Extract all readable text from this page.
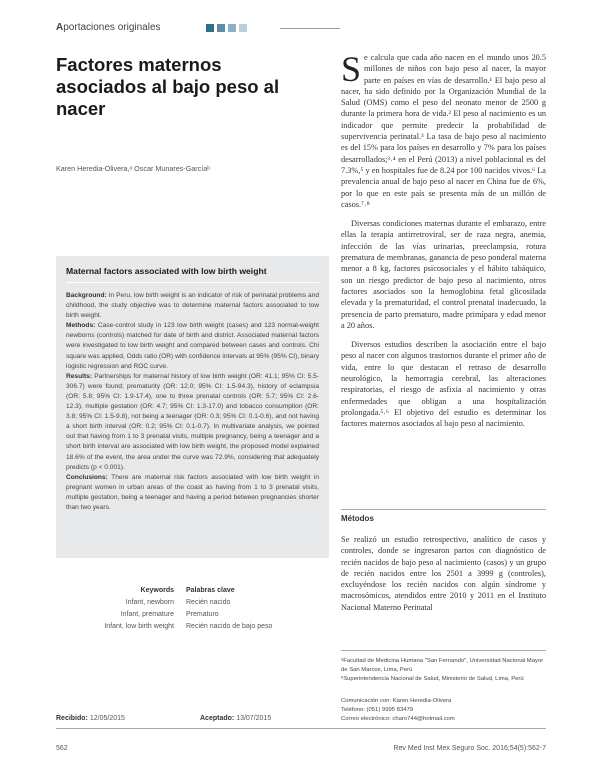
Aportaciones originales
Factores maternos asociados al bajo peso al nacer
Karen Heredia-Olivera,ᵃ Oscar Munares-Garcíaᵇ
Maternal factors associated with low birth weight

Background: In Peru, low birth weight is an indicator of risk of perinatal problems and childhood, the study objective was to determine maternal factors associated to low birth weight.

Methods: Case-control study in 123 low birth weight (cases) and 123 normal-weight newborns (controls) matched for date of birth and district. Associated maternal factors were investigated to low birth weight and compared between cases and controls. Chi square was applied, Odds ratio (OR) with confidence intervals at 95% (95% CI), binary logistic regression and ROC curve.

Results: Partnerships for maternal history of low birth weight (OR: 41.1; 95% CI: 5.5-306.7) were found; prematurity (OR: 12.0; 95% CI: 1.5-94.3), history of eclampsia (OR: 5.8; 95% CI: 1.9-17.4), one to three prenatal controls (OR: 5.7; 95% CI: 2.6-12.3), multiple gestation (OR: 4.7; 95% CI: 1.3-17.0) and tobacco consumption (OR: 3.8; 95% CI: 1.5-9.8), not being a teenager (OR: 0.3; 95% CI: 0.1-0.6), and not having a short birth interval (OR: 0.2; 95% CI: 0.1-0.7). In multivariate analysis, we pointed out that having from 1 to 3 prenatal visits, multiple pregnancy, being a teenager and a short birth interval are associated with low birth weight, the proposed model explained 18.6% of the event, the area under the curve was 72.9%, considering that adequately predicts (p < 0.001).

Conclusions: There are maternal risk factors associated with low birth weight in pregnant women in urban areas of the coast as having from 1 to 3 prenatal visits, multiple gestation, being a teenager and having a period between pregnancies shorter than two years.

Keywords	Palabras clave
Infant, newborn	Recién nacido
Infant, premature	Prematuro
Infant, low birth weight	Recién nacido de bajo peso
Recibido: 12/05/2015	Aceptado: 13/07/2015
562	Rev Med Inst Mex Seguro Soc. 2016;54(5):562-7

Se calcula que cada año nacen en el mundo unos 20.5 millones de niños con bajo peso al nacer, la mayor parte en países en vías de desarrollo.¹ El bajo peso al nacer, ha sido definido por la Organización Mundial de la Salud (OMS) como el peso del neonato menor de 2500 g durante la primera hora de vida.² El peso al nacimiento es un indicador que permite predecir la probabilidad de supervivencia perinatal.³ La tasa de bajo peso al nacimiento es del 15% para los países en desarrollo y 7% para los países desarrollados;³˒⁴ en el Perú (2013) a nivel poblacional es del 7.3%,⁵ y en hospitales fue de 8.24 por 100 nacidos vivos.⁶ La prevalencia anual de bajo peso al nacer en China fue de 6%, por lo que en este país se presenta más de un millón de casos.⁷˒⁸

Diversas condiciones maternas durante el embarazo, entre ellas la terapia antirretroviral, ser de raza negra, anemia, infección de las vías urinarias, preeclampsia, rotura prematura de membranas, ganancia de peso ponderal materna menor a 8 kg, factores psicosociales y el hábito tabáquico, son un riesgo predictor de bajo peso al nacimiento, otros factores asociados son la hemoglobina fetal glicosilada elevada y la prematuridad, el control prenatal inadecuado, la presencia de parto prematuro, madre primípara y edad menor a 20 años.

Diversos estudios describen la asociación entre el bajo peso al nacer con algunos trastornos durante el primer año de vida, entre lo que destacan el retraso de desarrollo neurológico, la hemorragia cerebral, las alteraciones respiratorias, el riesgo de asfixia al nacimiento y otras enfermedades que obligan a una hospitalización prolongada.⁵˒⁶ El objetivo del estudio es determinar los factores maternos asociados al bajo peso al nacimiento.

Métodos
Se realizó un estudio retrospectivo, analítico de casos y controles, donde se ingresaron partos con diagnóstico de recién nacidos de bajo peso al nacimiento (casos) y un grupo de recién nacidos entre los 2501 a 3999 g (controles), excluyéndose los recién nacidos con algún síndrome y macrosómicos, atendidos entre 2010 y 2011 en el Instituto Nacional Materno Perinatal
ᵃFacultad de Medicina Humana "San Fernando", Universidad Nacional Mayor de San Marcos, Lima, Perú
ᵇSuperintendencia Nacional de Salud, Ministerio de Salud, Lima, Perú
Comunicación con: Karen Heredia-Olivera
Teléfono: (051) 9995 83479
Correo electrónico: charo744@hotmail.com
